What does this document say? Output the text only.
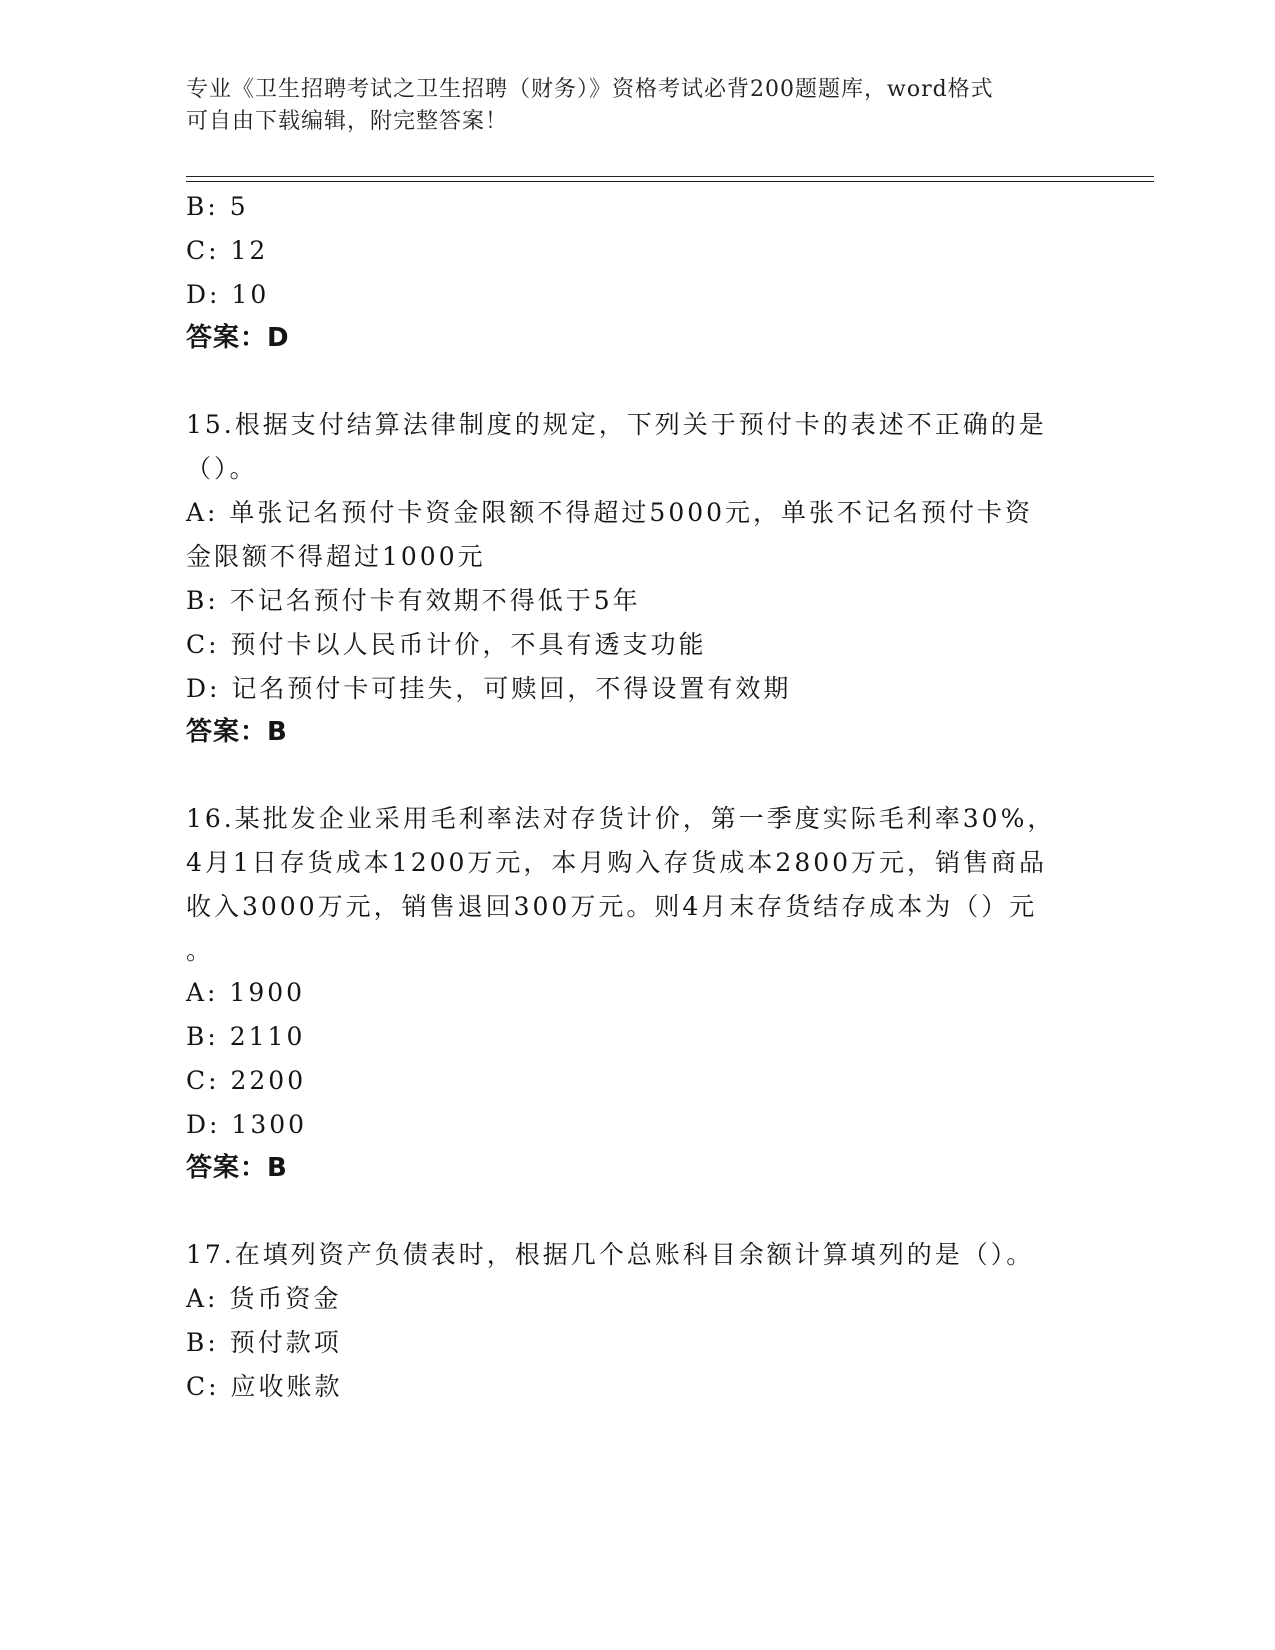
专业《卫生招聘考试之卫生招聘（财务）》资格考试必背200题题库，word格式
可自由下载编辑，附完整答案！
B: 5
C: 12
D: 10
答案：D
15.根据支付结算法律制度的规定，下列关于预付卡的表述不正确的是
（）。
A: 单张记名预付卡资金限额不得超过5000元，单张不记名预付卡资
金限额不得超过1000元
B: 不记名预付卡有效期不得低于5年
C: 预付卡以人民币计价，不具有透支功能
D: 记名预付卡可挂失，可赎回，不得设置有效期
答案：B
16.某批发企业采用毛利率法对存货计价，第一季度实际毛利率30%，
4月1日存货成本1200万元，本月购入存货成本2800万元，销售商品
收入3000万元，销售退回300万元。则4月末存货结存成本为（）元
。
A: 1900
B: 2110
C: 2200
D: 1300
答案：B
17.在填列资产负债表时，根据几个总账科目余额计算填列的是（）。
A: 货币资金
B: 预付款项
C: 应收账款
